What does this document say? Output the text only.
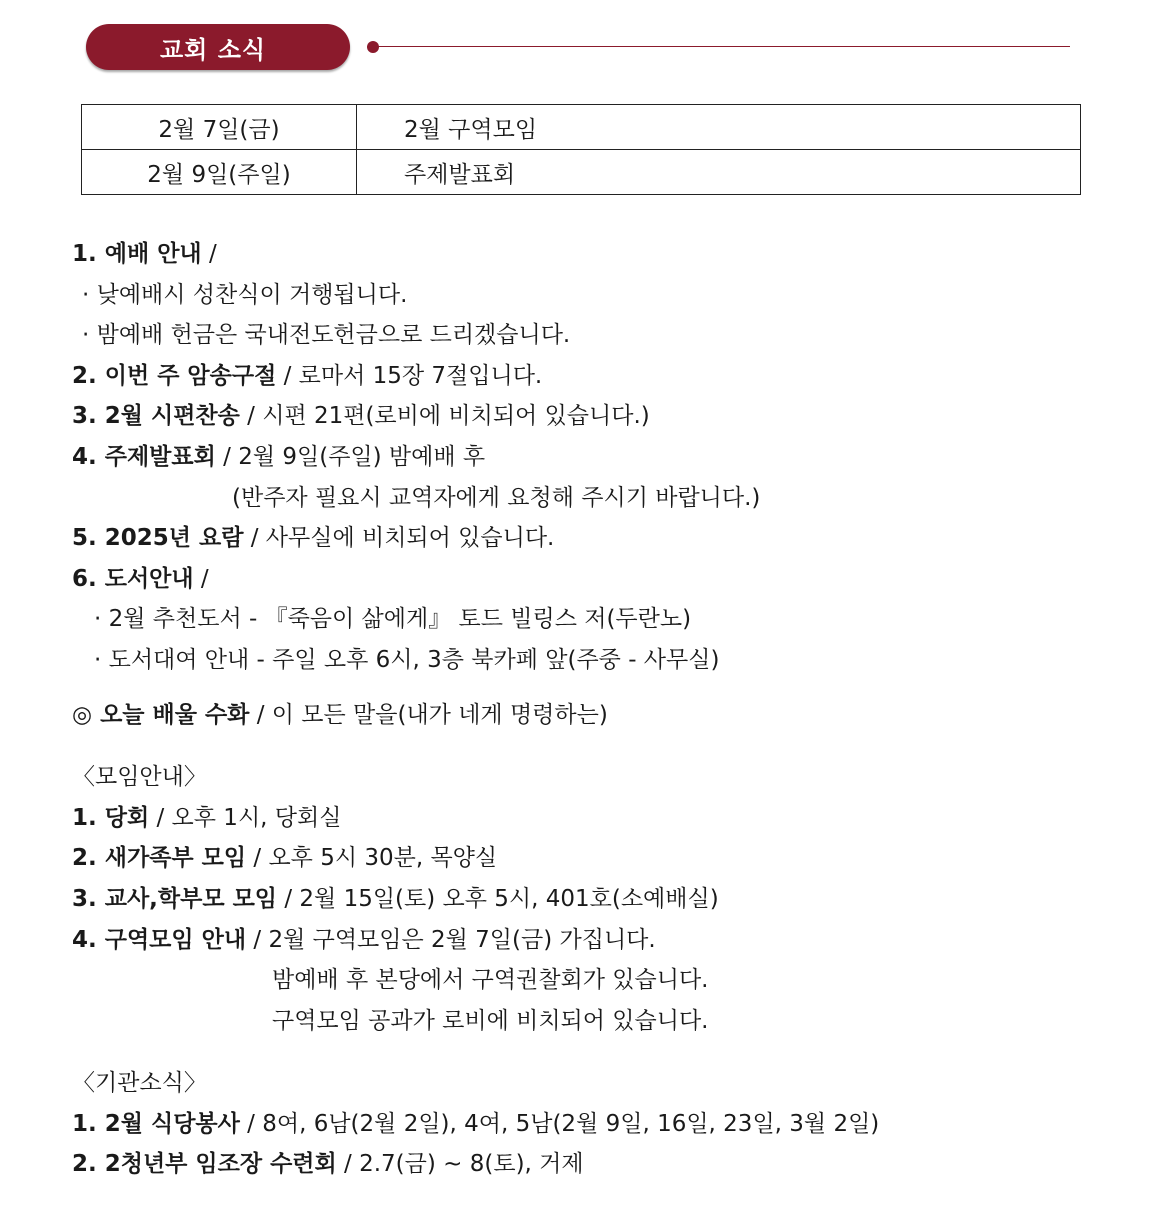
교회 소식
2월 7일(금)	2월 구역모임
2월 9일(주일)	주제발표회
1. 예배 안내 /
· 낮예배시 성찬식이 거행됩니다.
· 밤예배 헌금은 국내전도헌금으로 드리겠습니다.
2. 이번 주 암송구절 / 로마서 15장 7절입니다.
3. 2월 시편찬송 / 시편 21편(로비에 비치되어 있습니다.)
4. 주제발표회 / 2월 9일(주일) 밤예배 후
(반주자 필요시 교역자에게 요청해 주시기 바랍니다.)
5. 2025년 요람 / 사무실에 비치되어 있습니다.
6. 도서안내 /
· 2월 추천도서 - 『죽음이 삶에게』 토드 빌링스 저(두란노)
· 도서대여 안내 - 주일 오후 6시, 3층 북카페 앞(주중 - 사무실)
◎ 오늘 배울 수화 / 이 모든 말을(내가 네게 명령하는)
〈모임안내〉
1. 당회 / 오후 1시, 당회실
2. 새가족부 모임 / 오후 5시 30분, 목양실
3. 교사,학부모 모임 / 2월 15일(토) 오후 5시, 401호(소예배실)
4. 구역모임 안내 / 2월 구역모임은 2월 7일(금) 가집니다.
밤예배 후 본당에서 구역권찰회가 있습니다.
구역모임 공과가 로비에 비치되어 있습니다.
〈기관소식〉
1. 2월 식당봉사 / 8여, 6남(2월 2일), 4여, 5남(2월 9일, 16일, 23일, 3월 2일)
2. 2청년부 임조장 수련회 / 2.7(금) ~ 8(토), 거제
